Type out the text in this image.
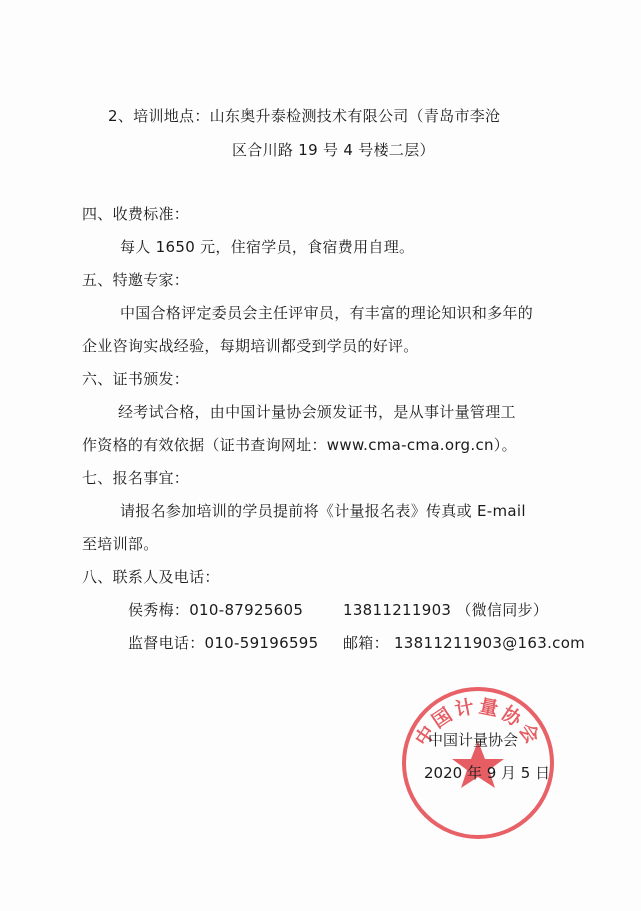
2、培训地点：山东奥升泰检测技术有限公司（青岛市李沧
区合川路 19 号 4 号楼二层）
四、收费标准：
每人 1650 元，住宿学员，食宿费用自理。
五、特邀专家：
中国合格评定委员会主任评审员，有丰富的理论知识和多年的
企业咨询实战经验，每期培训都受到学员的好评。
六、证书颁发：
经考试合格，由中国计量协会颁发证书，是从事计量管理工
作资格的有效依据（证书查询网址：www.cma-cma.org.cn）。
七、报名事宜：
请报名参加培训的学员提前将《计量报名表》传真或 E-mail
至培训部。
八、联系人及电话：
侯秀梅：010-87925605	13811211903 （微信同步）
监督电话：010-59196595 邮箱： 13811211903@163.com
中国计量协会
中国计量协会
2020 年 9 月 5 日
